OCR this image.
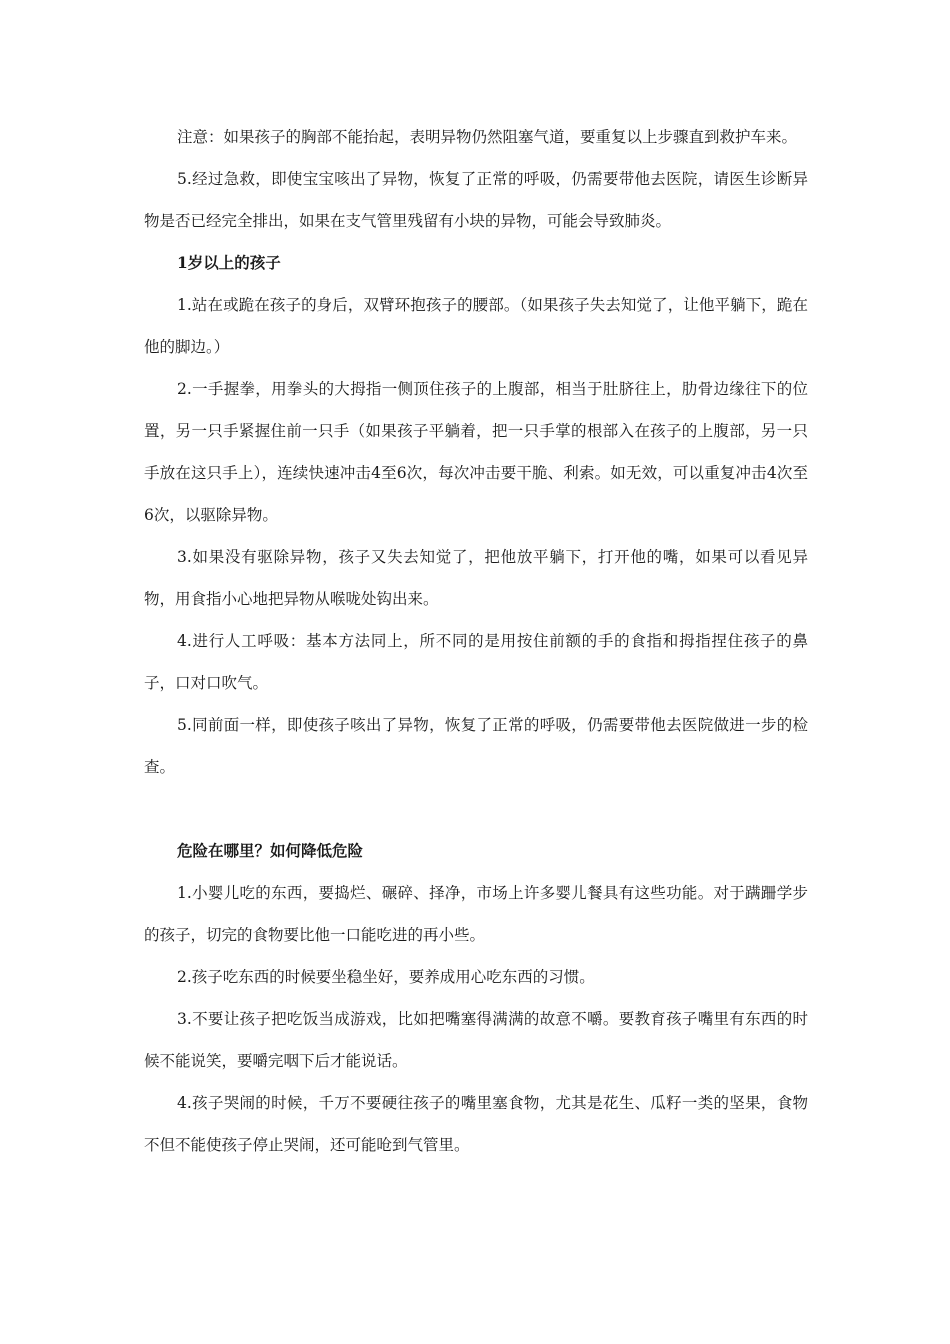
注意：如果孩子的胸部不能抬起，表明异物仍然阻塞气道，要重复以上步骤直到救护车来。

5.经过急救，即使宝宝咳出了异物，恢复了正常的呼吸，仍需要带他去医院，请医生诊断异物是否已经完全排出，如果在支气管里残留有小块的异物，可能会导致肺炎。

1岁以上的孩子

1.站在或跪在孩子的身后，双臂环抱孩子的腰部。（如果孩子失去知觉了，让他平躺下，跪在他的脚边。）

2.一手握拳，用拳头的大拇指一侧顶住孩子的上腹部，相当于肚脐往上，肋骨边缘往下的位置，另一只手紧握住前一只手（如果孩子平躺着，把一只手掌的根部入在孩子的上腹部，另一只手放在这只手上），连续快速冲击4至6次，每次冲击要干脆、利索。如无效，可以重复冲击4次至6次，以驱除异物。

3.如果没有驱除异物，孩子又失去知觉了，把他放平躺下，打开他的嘴，如果可以看见异物，用食指小心地把异物从喉咙处钩出来。

4.进行人工呼吸：基本方法同上，所不同的是用按住前额的手的食指和拇指捏住孩子的鼻子，口对口吹气。

5.同前面一样，即使孩子咳出了异物，恢复了正常的呼吸，仍需要带他去医院做进一步的检查。

危险在哪里？如何降低危险

1.小婴儿吃的东西，要捣烂、碾碎、择净，市场上许多婴儿餐具有这些功能。对于蹒跚学步的孩子，切完的食物要比他一口能吃进的再小些。

2.孩子吃东西的时候要坐稳坐好，要养成用心吃东西的习惯。

3.不要让孩子把吃饭当成游戏，比如把嘴塞得满满的故意不嚼。要教育孩子嘴里有东西的时候不能说笑，要嚼完咽下后才能说话。

4.孩子哭闹的时候，千万不要硬往孩子的嘴里塞食物，尤其是花生、瓜籽一类的坚果，食物不但不能使孩子停止哭闹，还可能呛到气管里。
